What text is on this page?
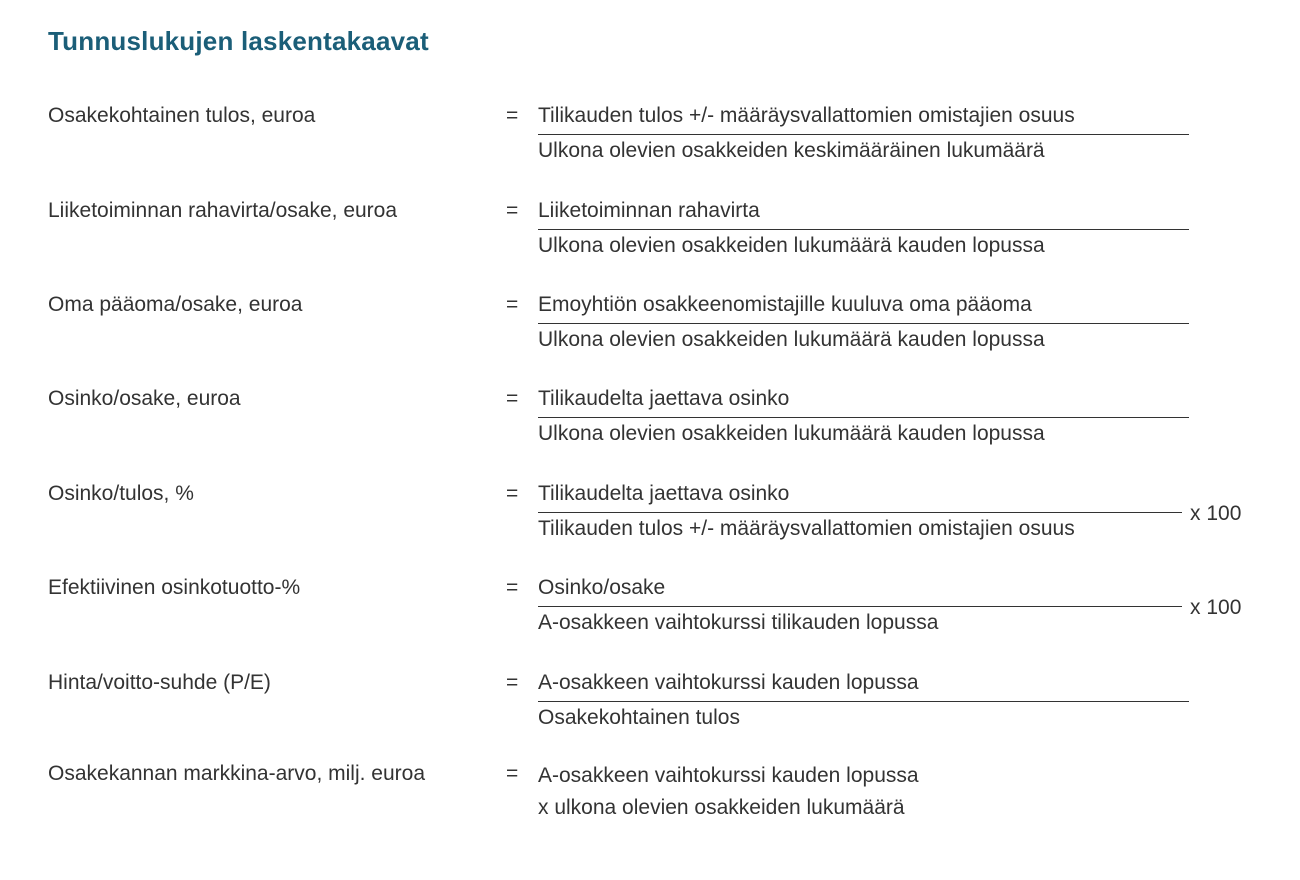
Tunnuslukujen laskentakaavat
Osakekohtainen tulos, euroa	= Tilikauden tulos +/- määräysvallattomien omistajien osuus
Ulkona olevien osakkeiden keskimääräinen lukumäärä
Liiketoiminnan rahavirta/osake, euroa	= Liiketoiminnan rahavirta
Ulkona olevien osakkeiden lukumäärä kauden lopussa
Oma pääoma/osake, euroa	= Emoyhtiön osakkeenomistajille kuuluva oma pääoma
Ulkona olevien osakkeiden lukumäärä kauden lopussa
Osinko/osake, euroa	= Tilikaudelta jaettava osinko
Ulkona olevien osakkeiden lukumäärä kauden lopussa
Osinko/tulos, %	= Tilikaudelta jaettava osinko
Tilikauden tulos +/- määräysvallattomien omistajien osuus
x 100
Efektiivinen osinkotuotto-%	= Osinko/osake
A-osakkeen vaihtokurssi tilikauden lopussa
x 100
Hinta/voitto-suhde (P/E)	= A-osakkeen vaihtokurssi kauden lopussa
Osakekohtainen tulos
Osakekannan markkina-arvo, milj. euroa	= A-osakkeen vaihtokurssi kauden lopussa
x ulkona olevien osakkeiden lukumäärä
